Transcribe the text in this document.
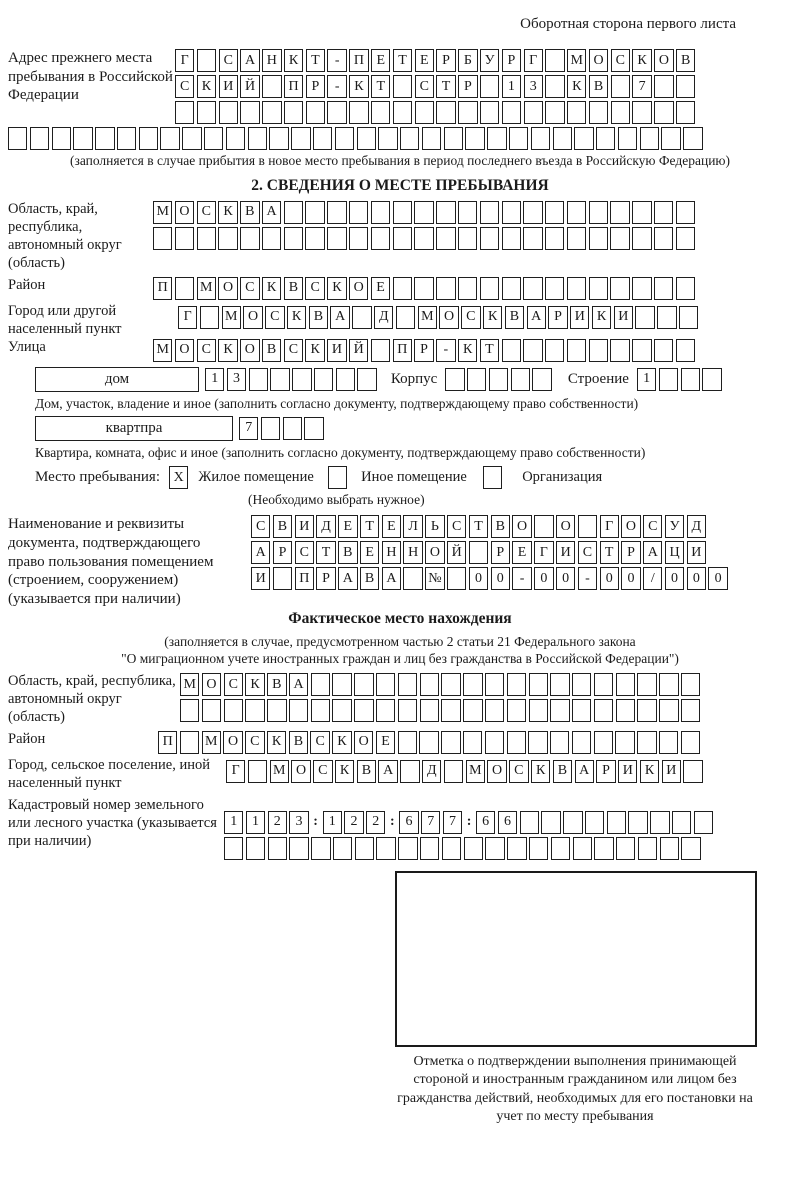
Оборотная сторона первого листа
Адрес прежнего места пребывания в Российской Федерации
Г	С А Н К Т	-	П Е Т Е Р Б У Р Г	М О С К О В
С К И Й	П Р	-	К Т	С Т Р	1	3	К В	7
(заполняется в случае прибытия в новое место пребывания в период последнего въезда в Российскую Федерацию)
2. СВЕДЕНИЯ О МЕСТЕ ПРЕБЫВАНИЯ
Область, край, республика, автономный округ (область)
М О С К В А
Район	П	М О С К В С К О Е
Город или другой населенный пункт
Г	М О С К В А	Д	М О С К В А Р И К И
Улица	М О С К О В С К И Й	П Р	-	К Т
дом	1	3	Корпус	Строение	1
Дом, участок, владение и иное (заполнить согласно документу, подтверждающему право собственности)
квартпра	7
Квартира, комната, офис и иное (заполнить согласно документу, подтверждающему право собственности)
Место пребывания: X	Жилое помещение	Иное помещение	Организация
(Необходимо выбрать нужное)
Наименование и реквизиты документа, подтверждающего право пользования помещением (строением, сооружением) (указывается при наличии)
С В И Д Е Т Е Л Ь С Т В О	О	Г О С У Д
А Р С Т В Е Н Н О Й	Р Е Г И С Т Р А Ц И
И	П Р А В А	№	0	0	-	0	0	-	0	0	/	0	0	0
Фактическое место нахождения
(заполняется в случае, предусмотренном частью 2 статьи 21 Федерального закона
"О миграционном учете иностранных граждан и лиц без гражданства в Российской Федерации")
Область, край, республика, автономный округ (область)
М О С К В А
Район	П	М О С К В С К О Е
Город, сельское поселение, иной населенный пункт
Г	М О С К В А	Д	М О С К В А Р И К И
Кадастровый номер земельного или лесного участка (указывается при наличии)
1	1	2	3 : 1	2	2 : 6	7	7 : 6	6
Отметка о подтверждении выполнения принимающей стороной и иностранным гражданином или лицом без гражданства действий, необходимых для его постановки на учет по месту пребывания
